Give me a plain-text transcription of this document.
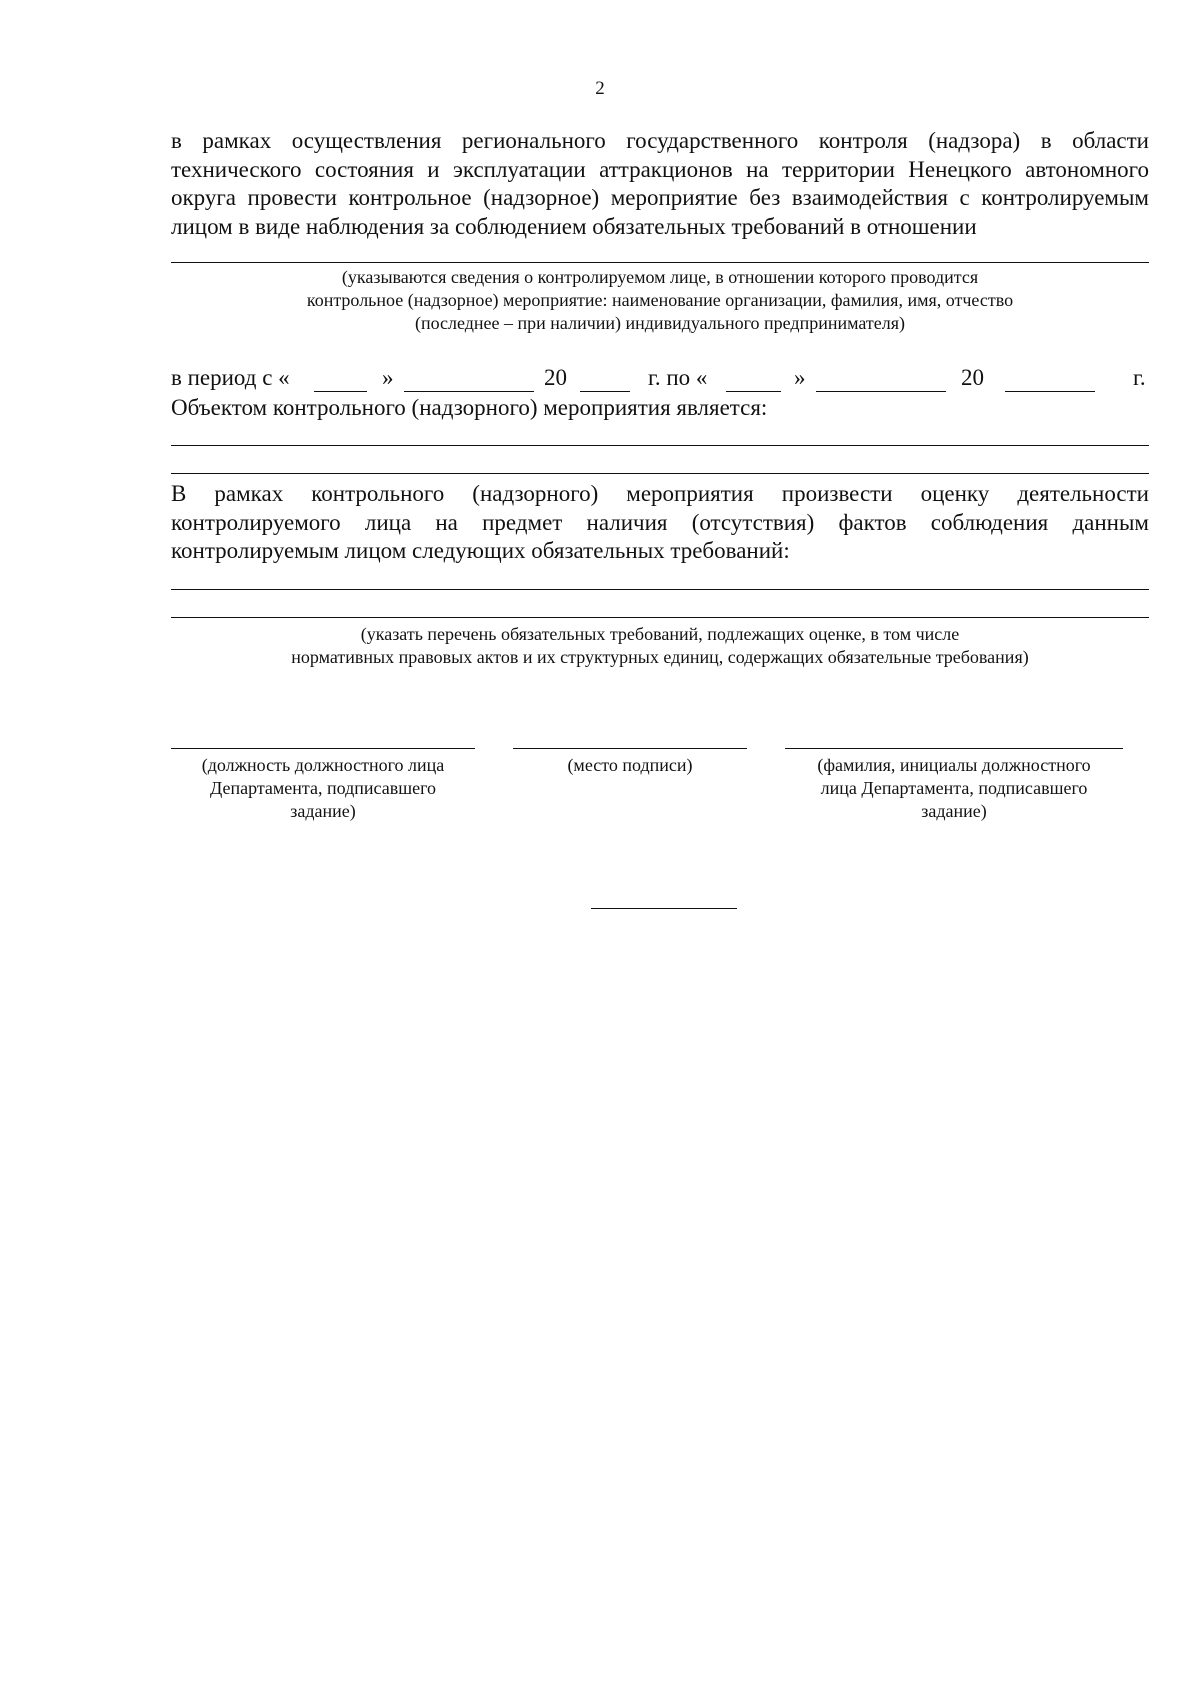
2
в рамках осуществления регионального государственного контроля (надзора) в области
технического состояния и эксплуатации аттракционов на территории Ненецкого автономного
округа провести контрольное (надзорное) мероприятие без взаимодействия с контролируемым
лицом в виде наблюдения за соблюдением обязательных требований в отношении
(указываются сведения о контролируемом лице, в отношении которого проводится
контрольное (надзорное) мероприятие: наименование организации, фамилия, имя, отчество
(последнее – при наличии) индивидуального предпринимателя)
в период с «	»	20	г. по «	»	20	г.
Объектом контрольного (надзорного) мероприятия является:
В рамках контрольного (надзорного) мероприятия произвести оценку деятельности
контролируемого лица на предмет наличия (отсутствия) фактов соблюдения данным
контролируемым лицом следующих обязательных требований:
(указать перечень обязательных требований, подлежащих оценке, в том числе
нормативных правовых актов и их структурных единиц, содержащих обязательные требования)
(должность должностного лица
Департамента, подписавшего
задание)
(место подписи)	(фамилия, инициалы должностного
лица Департамента, подписавшего
задание)
